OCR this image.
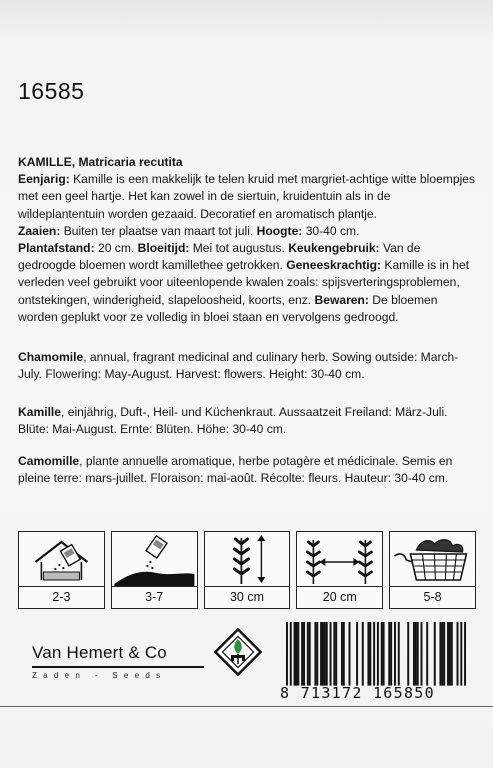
16585
KAMILLE, Matricaria recutita
Eenjarig: Kamille is een makkelijk te telen kruid met margriet-achtige witte bloempjes met een geel hartje. Het kan zowel in de siertuin, kruidentuin als in de wildeplantentuin worden gezaaid. Decoratief en aromatisch plantje.
Zaaien: Buiten ter plaatse van maart tot juli. Hoogte: 30-40 cm.
Plantafstand: 20 cm. Bloeitijd: Mei tot augustus. Keukengebruik: Van de gedroogde bloemen wordt kamillethee getrokken. Geneeskrachtig: Kamille is in het verleden veel gebruikt voor uiteenlopende kwalen zoals: spijsverteringsproblemen, ontstekingen, winderigheid, slapeloosheid, koorts, enz. Bewaren: De bloemen worden geplukt voor ze volledig in bloei staan en vervolgens gedroogd.
Chamomile, annual, fragrant medicinal and culinary herb. Sowing outside: March-July. Flowering: May-August. Harvest: flowers. Height: 30-40 cm.
Kamille, einjährig, Duft-, Heil- und Küchenkraut. Aussaatzeit Freiland: März-Juli. Blüte: Mai-August. Ernte: Blüten. Höhe: 30-40 cm.
Camomille, plante annuelle aromatique, herbe potagère et médicinale. Semis en pleine terre: mars-juillet. Floraison: mai-août. Récolte: fleurs. Hauteur: 30-40 cm.
2-3	3-7	30 cm	20 cm	5-8
Van Hemert & Co
Zaden - Seeds
8 713172 165850
